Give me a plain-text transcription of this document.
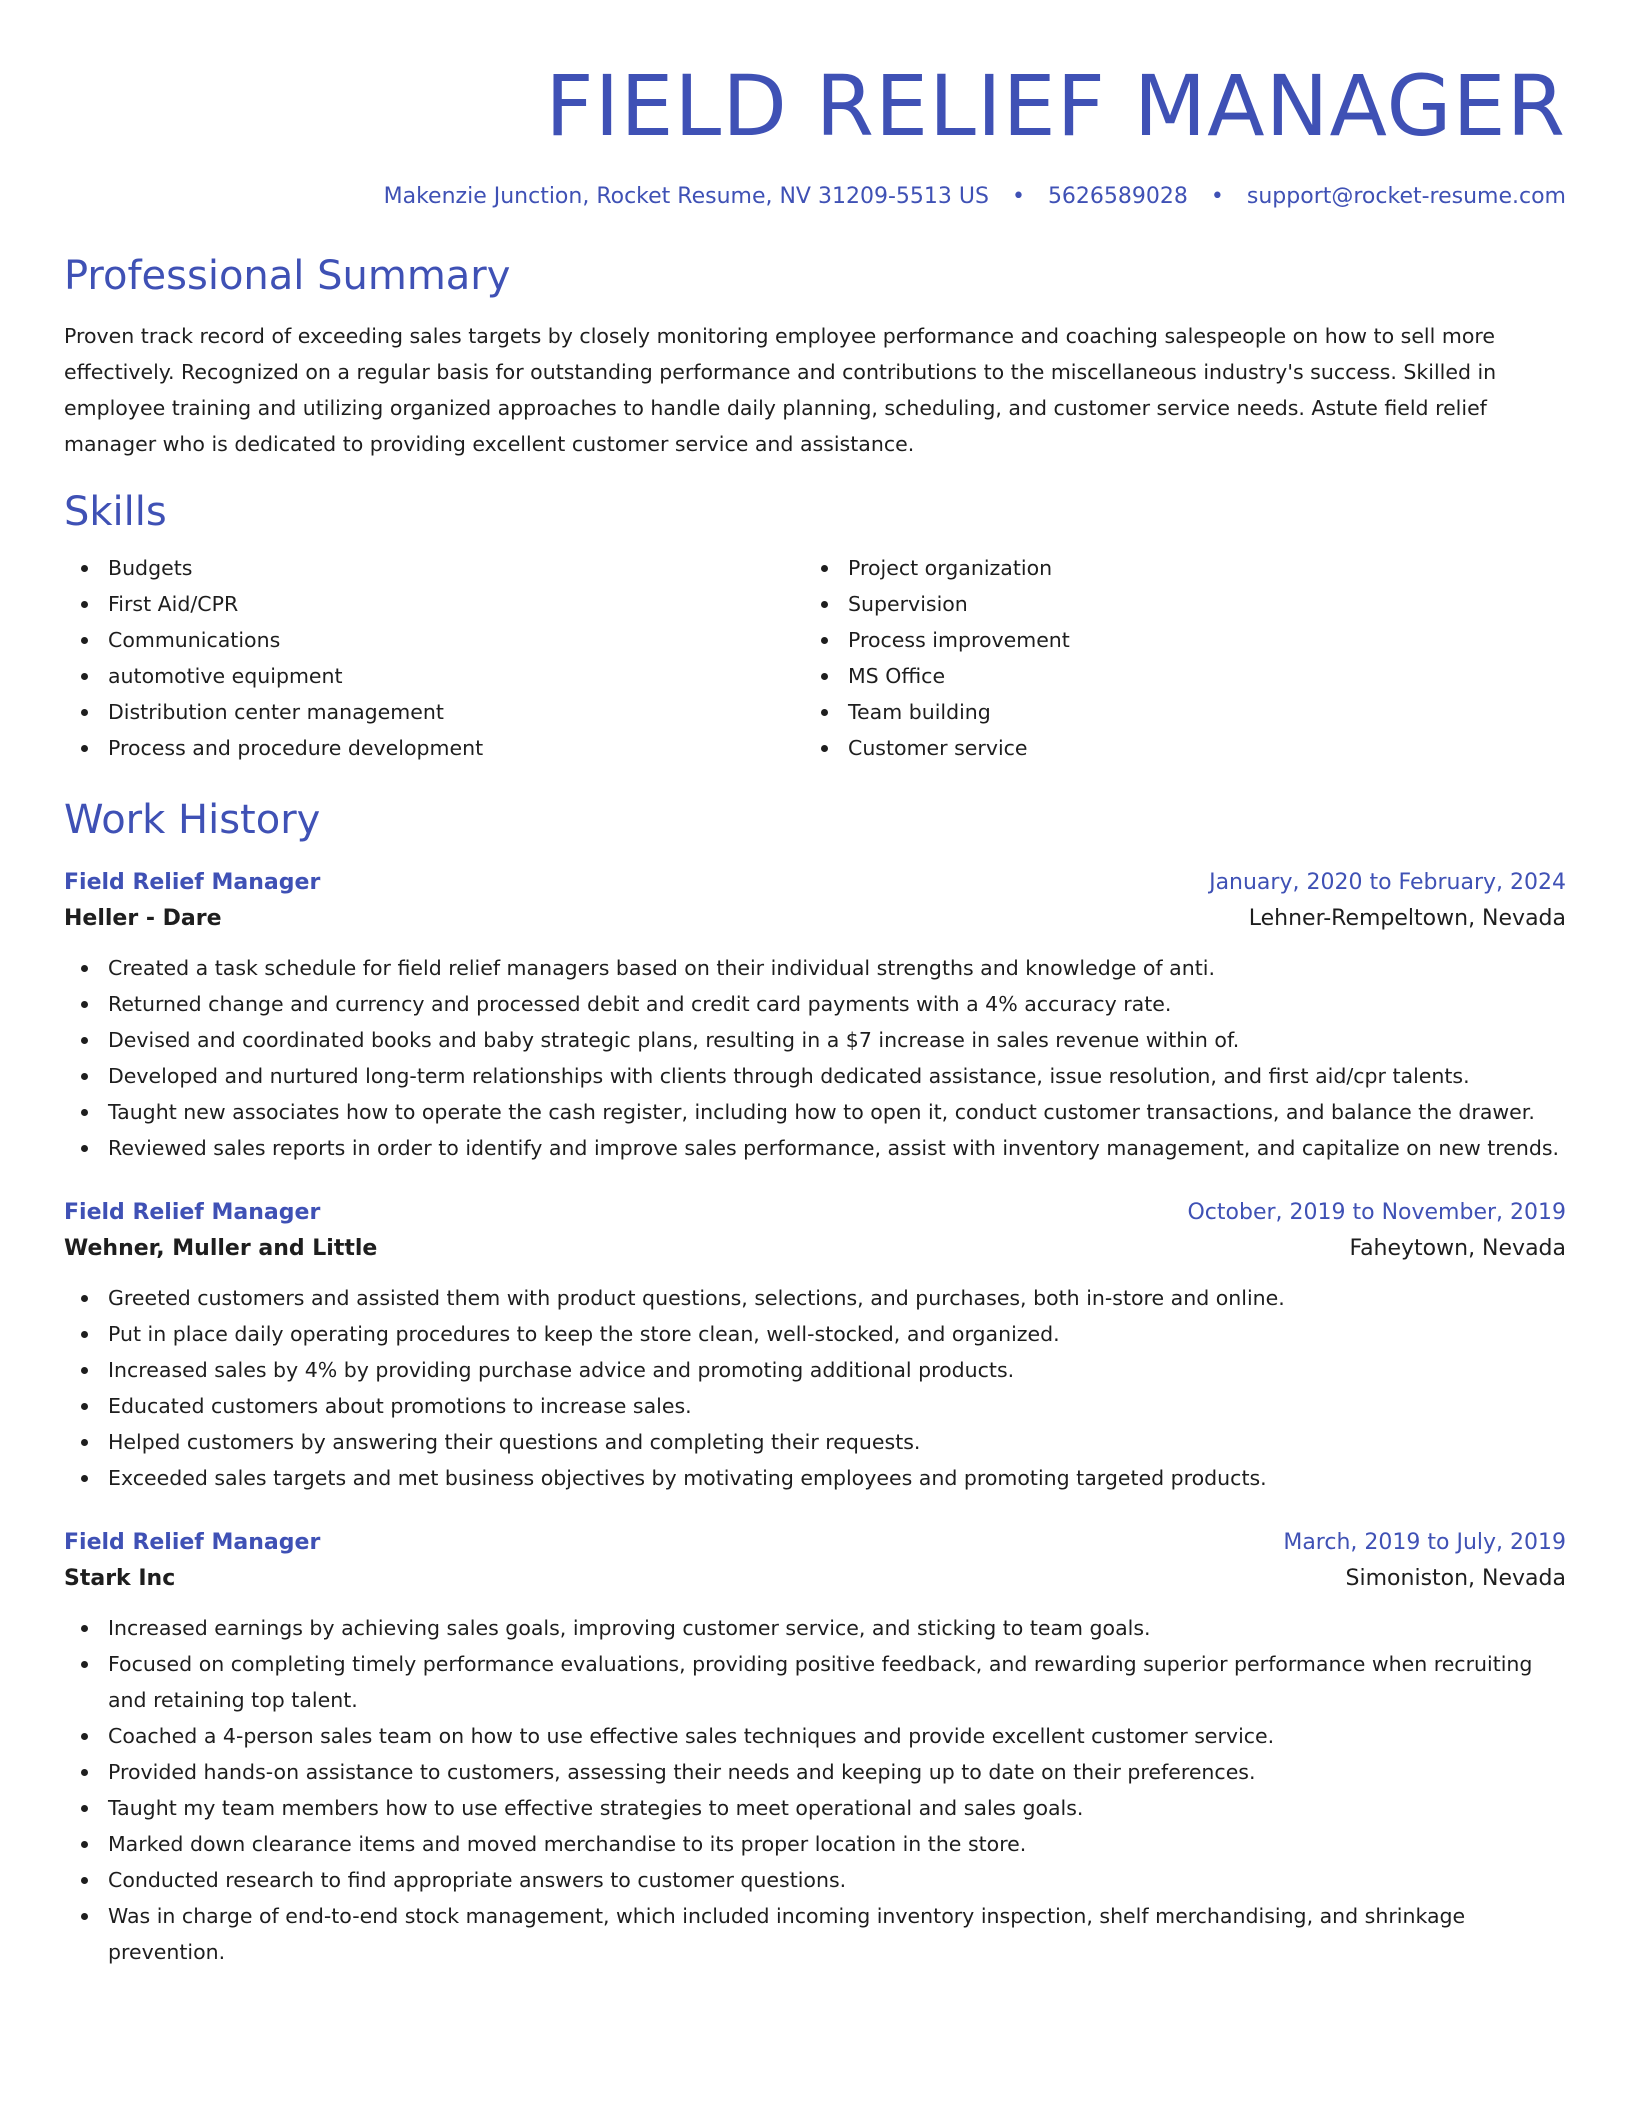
FIELD RELIEF MANAGER
Makenzie Junction, Rocket Resume, NV 31209-5513 US • 5626589028 • support@rocket-resume.com
Professional Summary
Proven track record of exceeding sales targets by closely monitoring employee performance and coaching salespeople on how to sell more effectively. Recognized on a regular basis for outstanding performance and contributions to the miscellaneous industry's success. Skilled in employee training and utilizing organized approaches to handle daily planning, scheduling, and customer service needs. Astute field relief manager who is dedicated to providing excellent customer service and assistance.
Skills
Budgets
First Aid/CPR
Communications
automotive equipment
Distribution center management
Process and procedure development
Project organization
Supervision
Process improvement
MS Office
Team building
Customer service
Work History
Field Relief Manager	January, 2020 to February, 2024
Heller - Dare	Lehner-Rempeltown, Nevada
Created a task schedule for field relief managers based on their individual strengths and knowledge of anti.
Returned change and currency and processed debit and credit card payments with a 4% accuracy rate.
Devised and coordinated books and baby strategic plans, resulting in a $7 increase in sales revenue within of.
Developed and nurtured long-term relationships with clients through dedicated assistance, issue resolution, and first aid/cpr talents.
Taught new associates how to operate the cash register, including how to open it, conduct customer transactions, and balance the drawer.
Reviewed sales reports in order to identify and improve sales performance, assist with inventory management, and capitalize on new trends.
Field Relief Manager	October, 2019 to November, 2019
Wehner, Muller and Little	Faheytown, Nevada
Greeted customers and assisted them with product questions, selections, and purchases, both in-store and online.
Put in place daily operating procedures to keep the store clean, well-stocked, and organized.
Increased sales by 4% by providing purchase advice and promoting additional products.
Educated customers about promotions to increase sales.
Helped customers by answering their questions and completing their requests.
Exceeded sales targets and met business objectives by motivating employees and promoting targeted products.
Field Relief Manager	March, 2019 to July, 2019
Stark Inc	Simoniston, Nevada
Increased earnings by achieving sales goals, improving customer service, and sticking to team goals.
Focused on completing timely performance evaluations, providing positive feedback, and rewarding superior performance when recruiting and retaining top talent.
Coached a 4-person sales team on how to use effective sales techniques and provide excellent customer service.
Provided hands-on assistance to customers, assessing their needs and keeping up to date on their preferences.
Taught my team members how to use effective strategies to meet operational and sales goals.
Marked down clearance items and moved merchandise to its proper location in the store.
Conducted research to find appropriate answers to customer questions.
Was in charge of end-to-end stock management, which included incoming inventory inspection, shelf merchandising, and shrinkage prevention.
